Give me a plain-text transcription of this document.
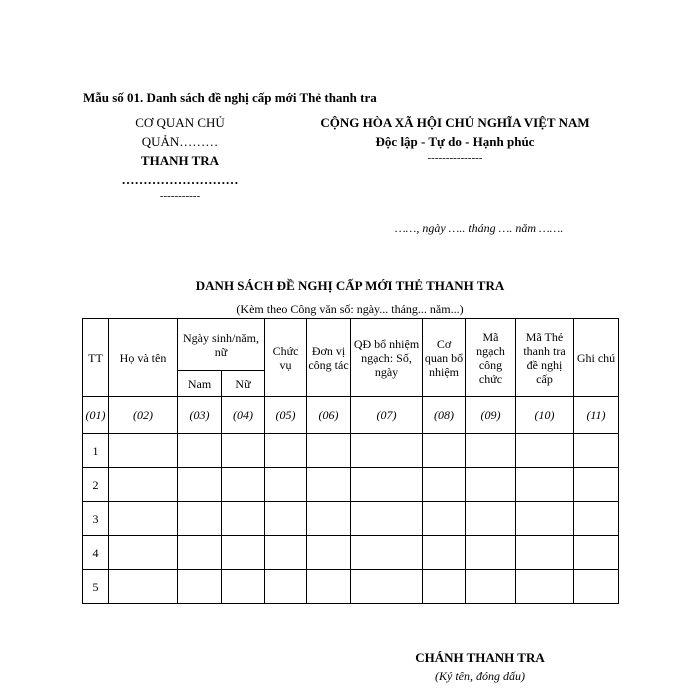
Mẫu số 01. Danh sách đề nghị cấp mới Thẻ thanh tra
CƠ QUAN CHỦ
QUẢN………
THANH TRA
………………………
-----------
CỘNG HÒA XÃ HỘI CHỦ NGHĨA VIỆT NAM
Độc lập - Tự do - Hạnh phúc
---------------
……, ngày ….. tháng …. năm …….
DANH SÁCH ĐỀ NGHỊ CẤP MỚI THẺ THANH TRA
(Kèm theo Công văn số: ngày... tháng... năm...)
TT	Họ và tên	Ngày sinh/năm, nữ		Chức vụ	Đơn vị công tác	QĐ bổ nhiệm ngạch: Số, ngày	Cơ quan bổ nhiệm	Mã ngạch công chức	Mã Thẻ thanh tra đề nghị cấp	Ghi chú
		Nam	Nữ							
(01)	(02)	(03)	(04)	(05)	(06)	(07)	(08)	(09)	(10)	(11)
1										
2										
3										
4										
5										
CHÁNH THANH TRA
(Ký tên, đóng dấu)
